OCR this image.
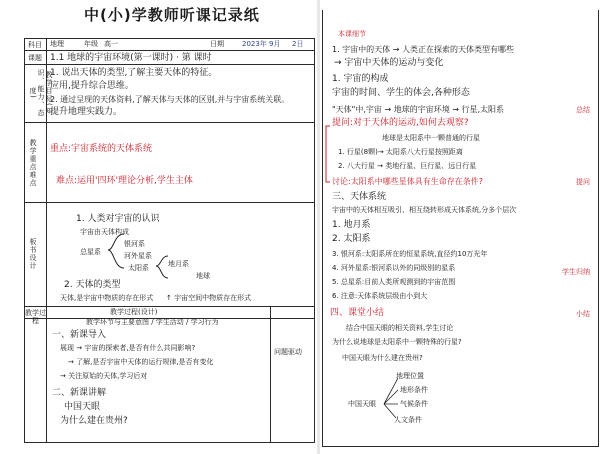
中(小)学教师听课记录纸
科目 地理	年级 高一	日期	2023年 9月 2日
课题 1.1 地球的宇宙环境(第一课时) · 第 课时
教学目标(知识、能力、态度)
1. 说出天体的类型,了解主要天体的特征。
应用,提升综合思维。
2. 通过呈现的天体资料,了解天体与天体的区别,并与宇宙系统关联。
提升地理实践力。
教学重点难点 重点:宇宙系统的天体系统
难点:运用'四环'理论分析,学生主体
板书设计
1. 人类对宇宙的认识
宇宙由天体构成
银河系
河外星系
总星系
太阳系	地月系
地球
2. 天体的类型
天体,是宇宙中物质的存在形式 ↑ 宇宙空间中物质存在形式
教学过程
教学过程(设计)
教学环节与主要意图 / 学生活动 / 学习行为
一、新课导入
展现 → 宇宙的探索者,是否有什么共同影响?
→ 了解,是否宇宙中天体的运行规律,是否有变化
→ 关注原始的天体,学习后对
二、新课讲解
中国天眼
为什么建在贵州?
问题驱动
本课细节
1. 宇宙中的天体 → 人类正在探索的天体类型有哪些
→ 宇宙中天体的运动与变化
1. 宇宙的构成
宇宙的时间、学生的体会,各种形态
"天体"中,宇宙 → 地球的宇宙环境 → 行星,太阳系
提问:对于天体的运动,如何去观察?
地球是太阳系中一颗普通的行星
1. 行星(8颗)→ 太阳系八大行星按照距离
2. 八大行星 → 类地行星、巨行星、远日行星
讨论:太阳系中哪些星体具有生命存在条件?
三、天体系统
宇宙中的天体相互吸引、相互绕转形成天体系统,分多个层次
1. 地月系
2. 太阳系
3. 银河系:太阳系所在的恒星系统,直径约10万光年
4. 河外星系:银河系以外的同级别的星系
5. 总星系:目前人类所观测到的宇宙范围
6. 注意:天体系统层级由小到大
四、课堂小结
结合中国天眼的相关资料,学生讨论
为什么说地球是太阳系中一颗特殊的行星?
总结
学生归纳
提问
小结
中国天眼为什么建在贵州?
中国天眼
地理位置
地形条件
气候条件
人文条件
